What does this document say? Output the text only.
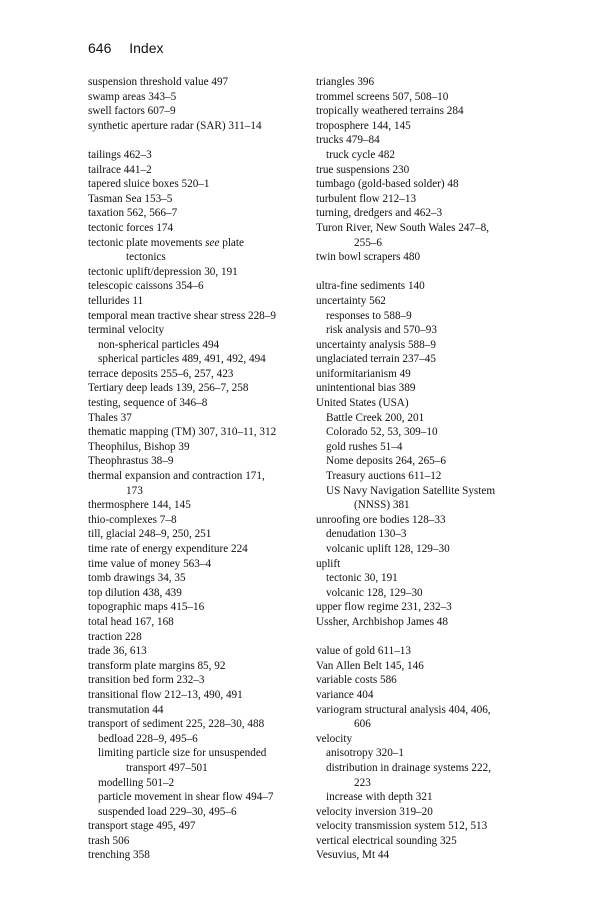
646 Index
suspension threshold value 497
swamp areas 343–5
swell factors 607–9
synthetic aperture radar (SAR) 311–14
tailings 462–3
tailrace 441–2
tapered sluice boxes 520–1
Tasman Sea 153–5
taxation 562, 566–7
tectonic forces 174
tectonic plate movements see plate
tectonics
tectonic uplift/depression 30, 191
telescopic caissons 354–6
tellurides 11
temporal mean tractive shear stress 228–9
terminal velocity
non-spherical particles 494
spherical particles 489, 491, 492, 494
terrace deposits 255–6, 257, 423
Tertiary deep leads 139, 256–7, 258
testing, sequence of 346–8
Thales 37
thematic mapping (TM) 307, 310–11, 312
Theophilus, Bishop 39
Theophrastus 38–9
thermal expansion and contraction 171,
173
thermosphere 144, 145
thio-complexes 7–8
till, glacial 248–9, 250, 251
time rate of energy expenditure 224
time value of money 563–4
tomb drawings 34, 35
top dilution 438, 439
topographic maps 415–16
total head 167, 168
traction 228
trade 36, 613
transform plate margins 85, 92
transition bed form 232–3
transitional flow 212–13, 490, 491
transmutation 44
transport of sediment 225, 228–30, 488
bedload 228–9, 495–6
limiting particle size for unsuspended
transport 497–501
modelling 501–2
particle movement in shear flow 494–7
suspended load 229–30, 495–6
transport stage 495, 497
trash 506
trenching 358
triangles 396
trommel screens 507, 508–10
tropically weathered terrains 284
troposphere 144, 145
trucks 479–84
truck cycle 482
true suspensions 230
tumbago (gold-based solder) 48
turbulent flow 212–13
turning, dredgers and 462–3
Turon River, New South Wales 247–8,
255–6
twin bowl scrapers 480
ultra-fine sediments 140
uncertainty 562
responses to 588–9
risk analysis and 570–93
uncertainty analysis 588–9
unglaciated terrain 237–45
uniformitarianism 49
unintentional bias 389
United States (USA)
Battle Creek 200, 201
Colorado 52, 53, 309–10
gold rushes 51–4
Nome deposits 264, 265–6
Treasury auctions 611–12
US Navy Navigation Satellite System
(NNSS) 381
unroofing ore bodies 128–33
denudation 130–3
volcanic uplift 128, 129–30
uplift
tectonic 30, 191
volcanic 128, 129–30
upper flow regime 231, 232–3
Ussher, Archbishop James 48
value of gold 611–13
Van Allen Belt 145, 146
variable costs 586
variance 404
variogram structural analysis 404, 406,
606
velocity
anisotropy 320–1
distribution in drainage systems 222,
223
increase with depth 321
velocity inversion 319–20
velocity transmission system 512, 513
vertical electrical sounding 325
Vesuvius, Mt 44
